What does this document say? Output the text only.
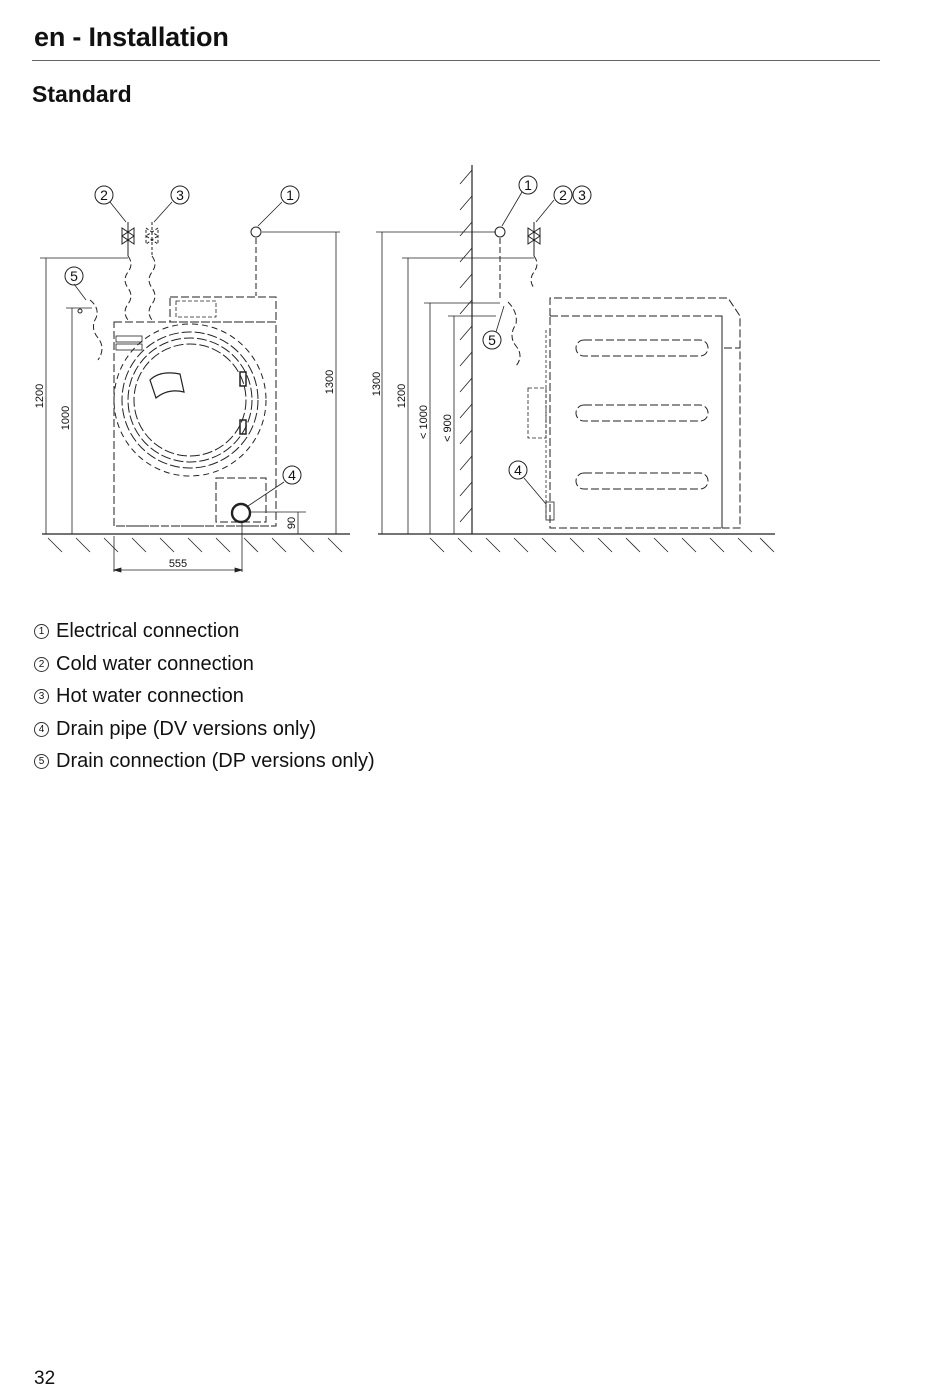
en - Installation
Standard
2	3	1
4
5
1
2 3
5
4
1200
1000
1300
90
555
1300 1200
< 1000 < 900
1 Electrical connection
2 Cold water connection
3 Hot water connection
4 Drain pipe (DV versions only)
5 Drain connection (DP versions only)
32
